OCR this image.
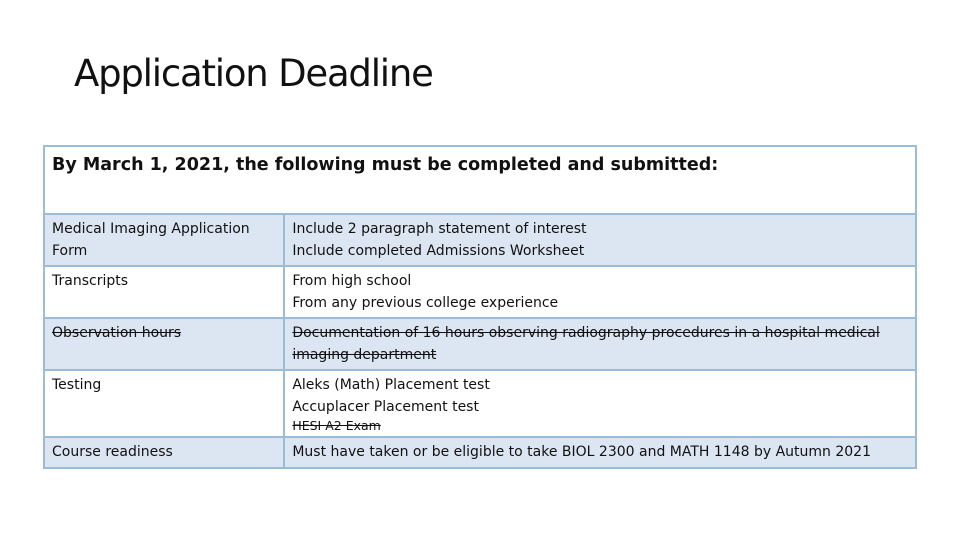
Application Deadline
By March 1, 2021, the following must be completed and submitted:	
Medical Imaging Application Form	Include 2 paragraph statement of interest
Include completed Admissions Worksheet

Transcripts	From high school
From any previous college experience

Observation hours	Documentation of 16 hours observing radiography procedures in a hospital medical imaging department

Testing	Aleks (Math) Placement test
Accuplacer Placement test
HESI A2 Exam

Course readiness	Must have taken or be eligible to take BIOL 2300 and MATH 1148 by Autumn 2021
